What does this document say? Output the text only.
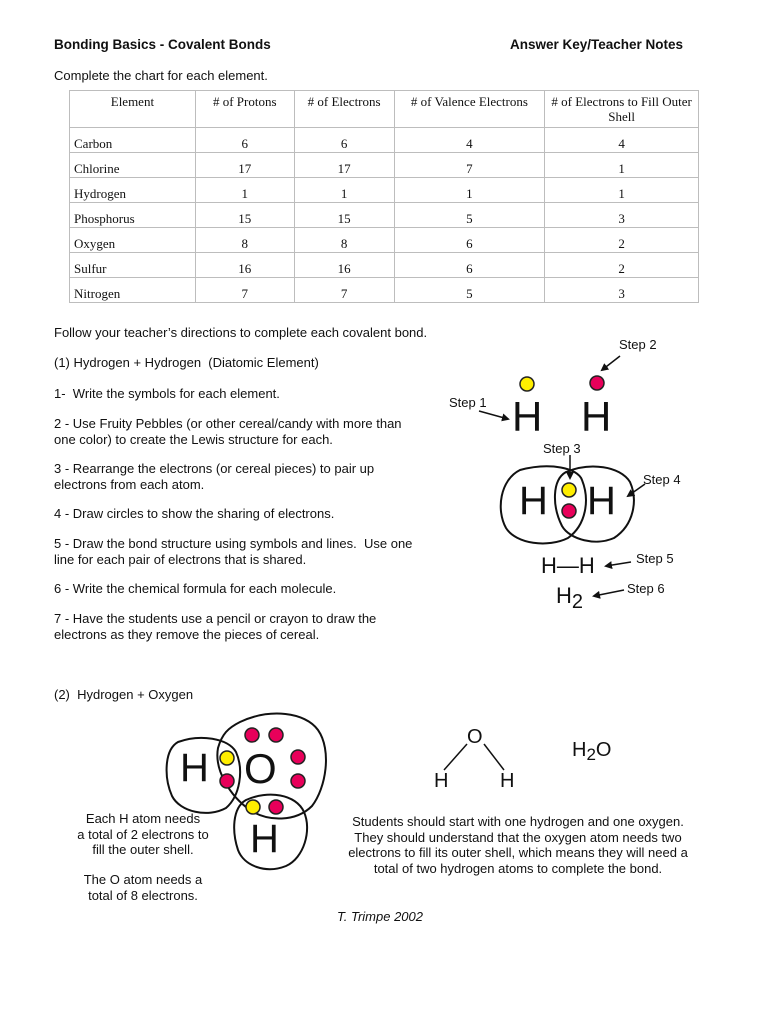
Bonding Basics - Covalent Bonds	Answer Key/Teacher Notes
Complete the chart for each element.
Element	# of Protons	# of Electrons	# of Valence Electrons	# of Electrons to Fill Outer Shell
Carbon	6	6	4	4
Chlorine	17	17	7	1
Hydrogen	1	1	1	1
Phosphorus	15	15	5	3
Oxygen	8	8	6	2
Sulfur	16	16	6	2
Nitrogen	7	7	5	3
Follow your teacher’s directions to complete each covalent bond.
(1) Hydrogen + Hydrogen  (Diatomic Element)
1-  Write the symbols for each element.
2 - Use Fruity Pebbles (or other cereal/candy with more than one color) to create the Lewis structure for each.
3 - Rearrange the electrons (or cereal pieces) to pair up electrons from each atom.
4 - Draw circles to show the sharing of electrons.
5 - Draw the bond structure using symbols and lines.  Use one line for each pair of electrons that is shared.
6 - Write the chemical formula for each molecule.
7 - Have the students use a pencil or crayon to draw the electrons as they remove the pieces of cereal.
Step 2
Step 1 H H
Step 3
Step 4
H H
H—H	Step 5
H2
Step 6
(2)  Hydrogen + Oxygen
H O
H
Each H atom needs
a total of 2 electrons to
fill the outer shell.
The O atom needs a
total of 8 electrons.
O
H	H
$H_2O$
Students should start with one hydrogen and one oxygen.
They should understand that the oxygen atom needs two
electrons to fill its outer shell, which means they will need a
total of two hydrogen atoms to complete the bond.
T. Trimpe 2002
